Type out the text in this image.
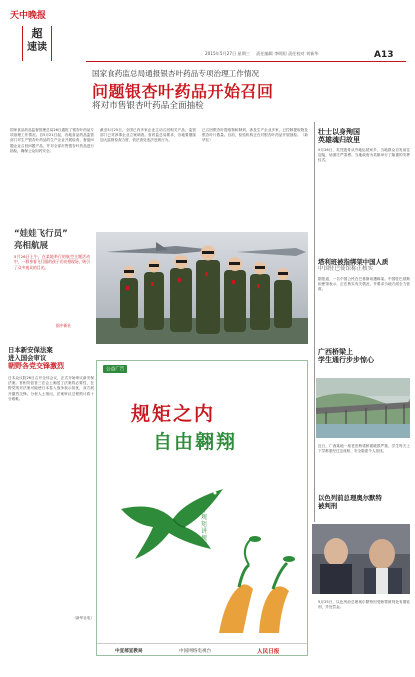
天中晚报
超
速读
2015年5月27日 星期三 责任编辑 李明阳 责任校对 刘新华	A13
国家食药监总局通报银杏叶药品专项治理工作情况
问题银杏叶药品开始召回
将对市售银杏叶药品全面抽检
国家食品药品监督管理总局26日通报了银杏叶药品专项治理工作情况。自5月21日起，各地食品药品监管部门对生产银杏叶药品的生产企业开展检查，督促问题企业召回问题产品，并对全部市售银杏叶药品进行抽检，确保公众用药安全。
截至5月25日，全国已有多家企业主动召回相关产品，监管部门已对涉事企业立案调查。食药监总局要求，各地要继续加大监督检查力度，依法查处违法违规行为。
已召回银杏叶提取物和制剂，涉及生产企业多家，已控制提取物及银杏叶片数量。目前，检验机构正在对银杏叶药品开展抽检。（新华社）
“娃娃飞行员”
亮相航展
5月26日上午，在某地举行的航空主题活动中，一群身着飞行服的孩子们亮相现场，吸引了众多观众的目光。
据中新社
壮士以身殉国
英雄魂归故里
5月26日，英烈遗骨从外地运抵家乡，当地群众自发前往迎接，场面庄严肃穆。当地政府为英雄举行了隆重的安葬仪式。
塔利班被指绑架中国人质
中国驻巴使馆称正核实
据报道，一名中国公民在巴基斯坦遭绑架。中国驻巴基斯坦使馆表示，正在核实有关情况，并要求当地方面全力营救。
广西桥梁上
学生通行步步惊心
近日，广西某地一座老旧桥梁桥面破损严重，学生每天上下学都需经过这座桥，安全隐患令人担忧。
以色列前总理奥尔默特
被判刑
5月25日，以色列前总理奥尔默特因受贿罪被判处有期徒刑，并处罚金。
日本新安保法案
进入国会审议
朝野各党交锋激烈
日本众议院26日召开全体会议，正式开始审议新安保法案。首相安倍晋三在会上阐述了法案的必要性，在野党则对法案可能使日本卷入战争表示担忧，双方展开激烈交锋。分析人士指出，法案审议过程预计将十分艰难。
（新华社电）
公益广告
规矩之内
自由翱翔
守规矩讲规矩
中宣部宣教局	中国网络电视台	人民日报
